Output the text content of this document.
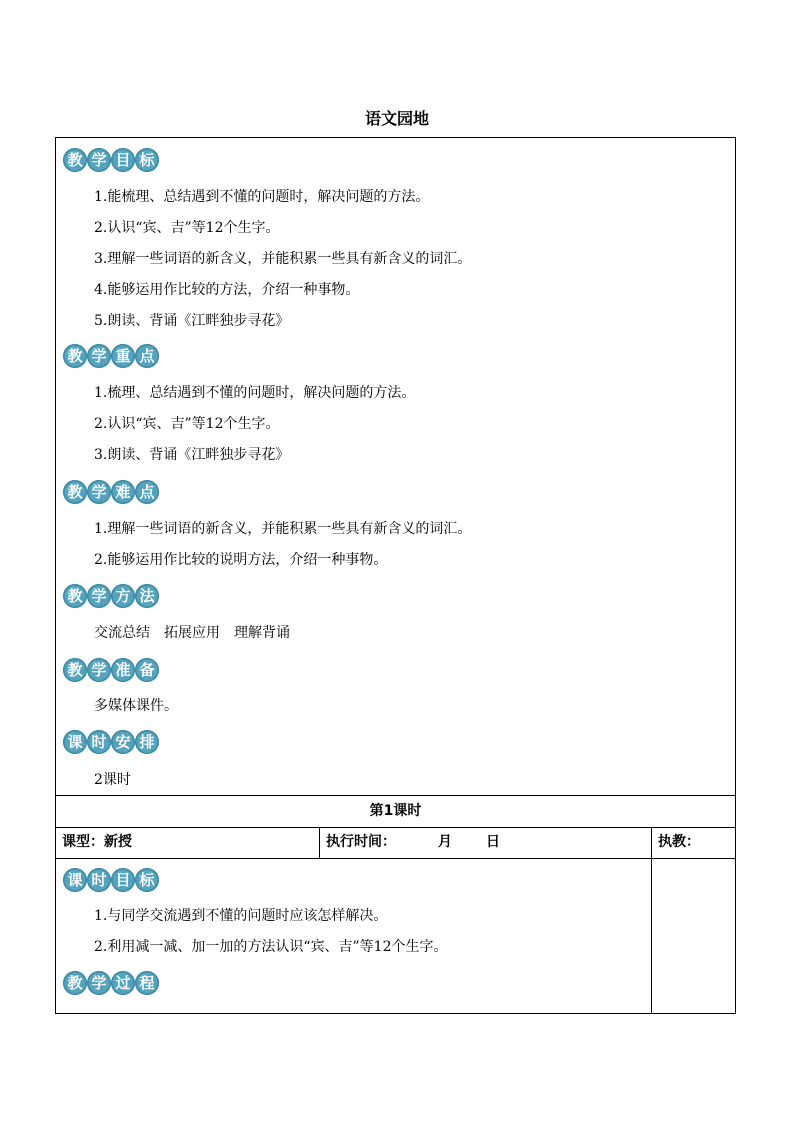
语文园地
教 学 目 标
1.能梳理、总结遇到不懂的问题时，解决问题的方法。
2.认识“宾、吉”等12个生字。
3.理解一些词语的新含义，并能积累一些具有新含义的词汇。
4.能够运用作比较的方法，介绍一种事物。
5.朗读、背诵《江畔独步寻花》
教 学 重 点
1.梳理、总结遇到不懂的问题时，解决问题的方法。
2.认识“宾、吉”等12个生字。
3.朗读、背诵《江畔独步寻花》
教 学 难 点
1.理解一些词语的新含义，并能积累一些具有新含义的词汇。
2.能够运用作比较的说明方法，介绍一种事物。
教 学 方 法
交流总结　拓展应用　理解背诵
教 学 准 备
多媒体课件。
课 时 安 排
2课时
第1课时
课型：新授	执行时间：	月 日	执教：
课 时 目 标
1.与同学交流遇到不懂的问题时应该怎样解决。
2.利用减一减、加一加的方法认识“宾、吉”等12个生字。
教 学 过 程
